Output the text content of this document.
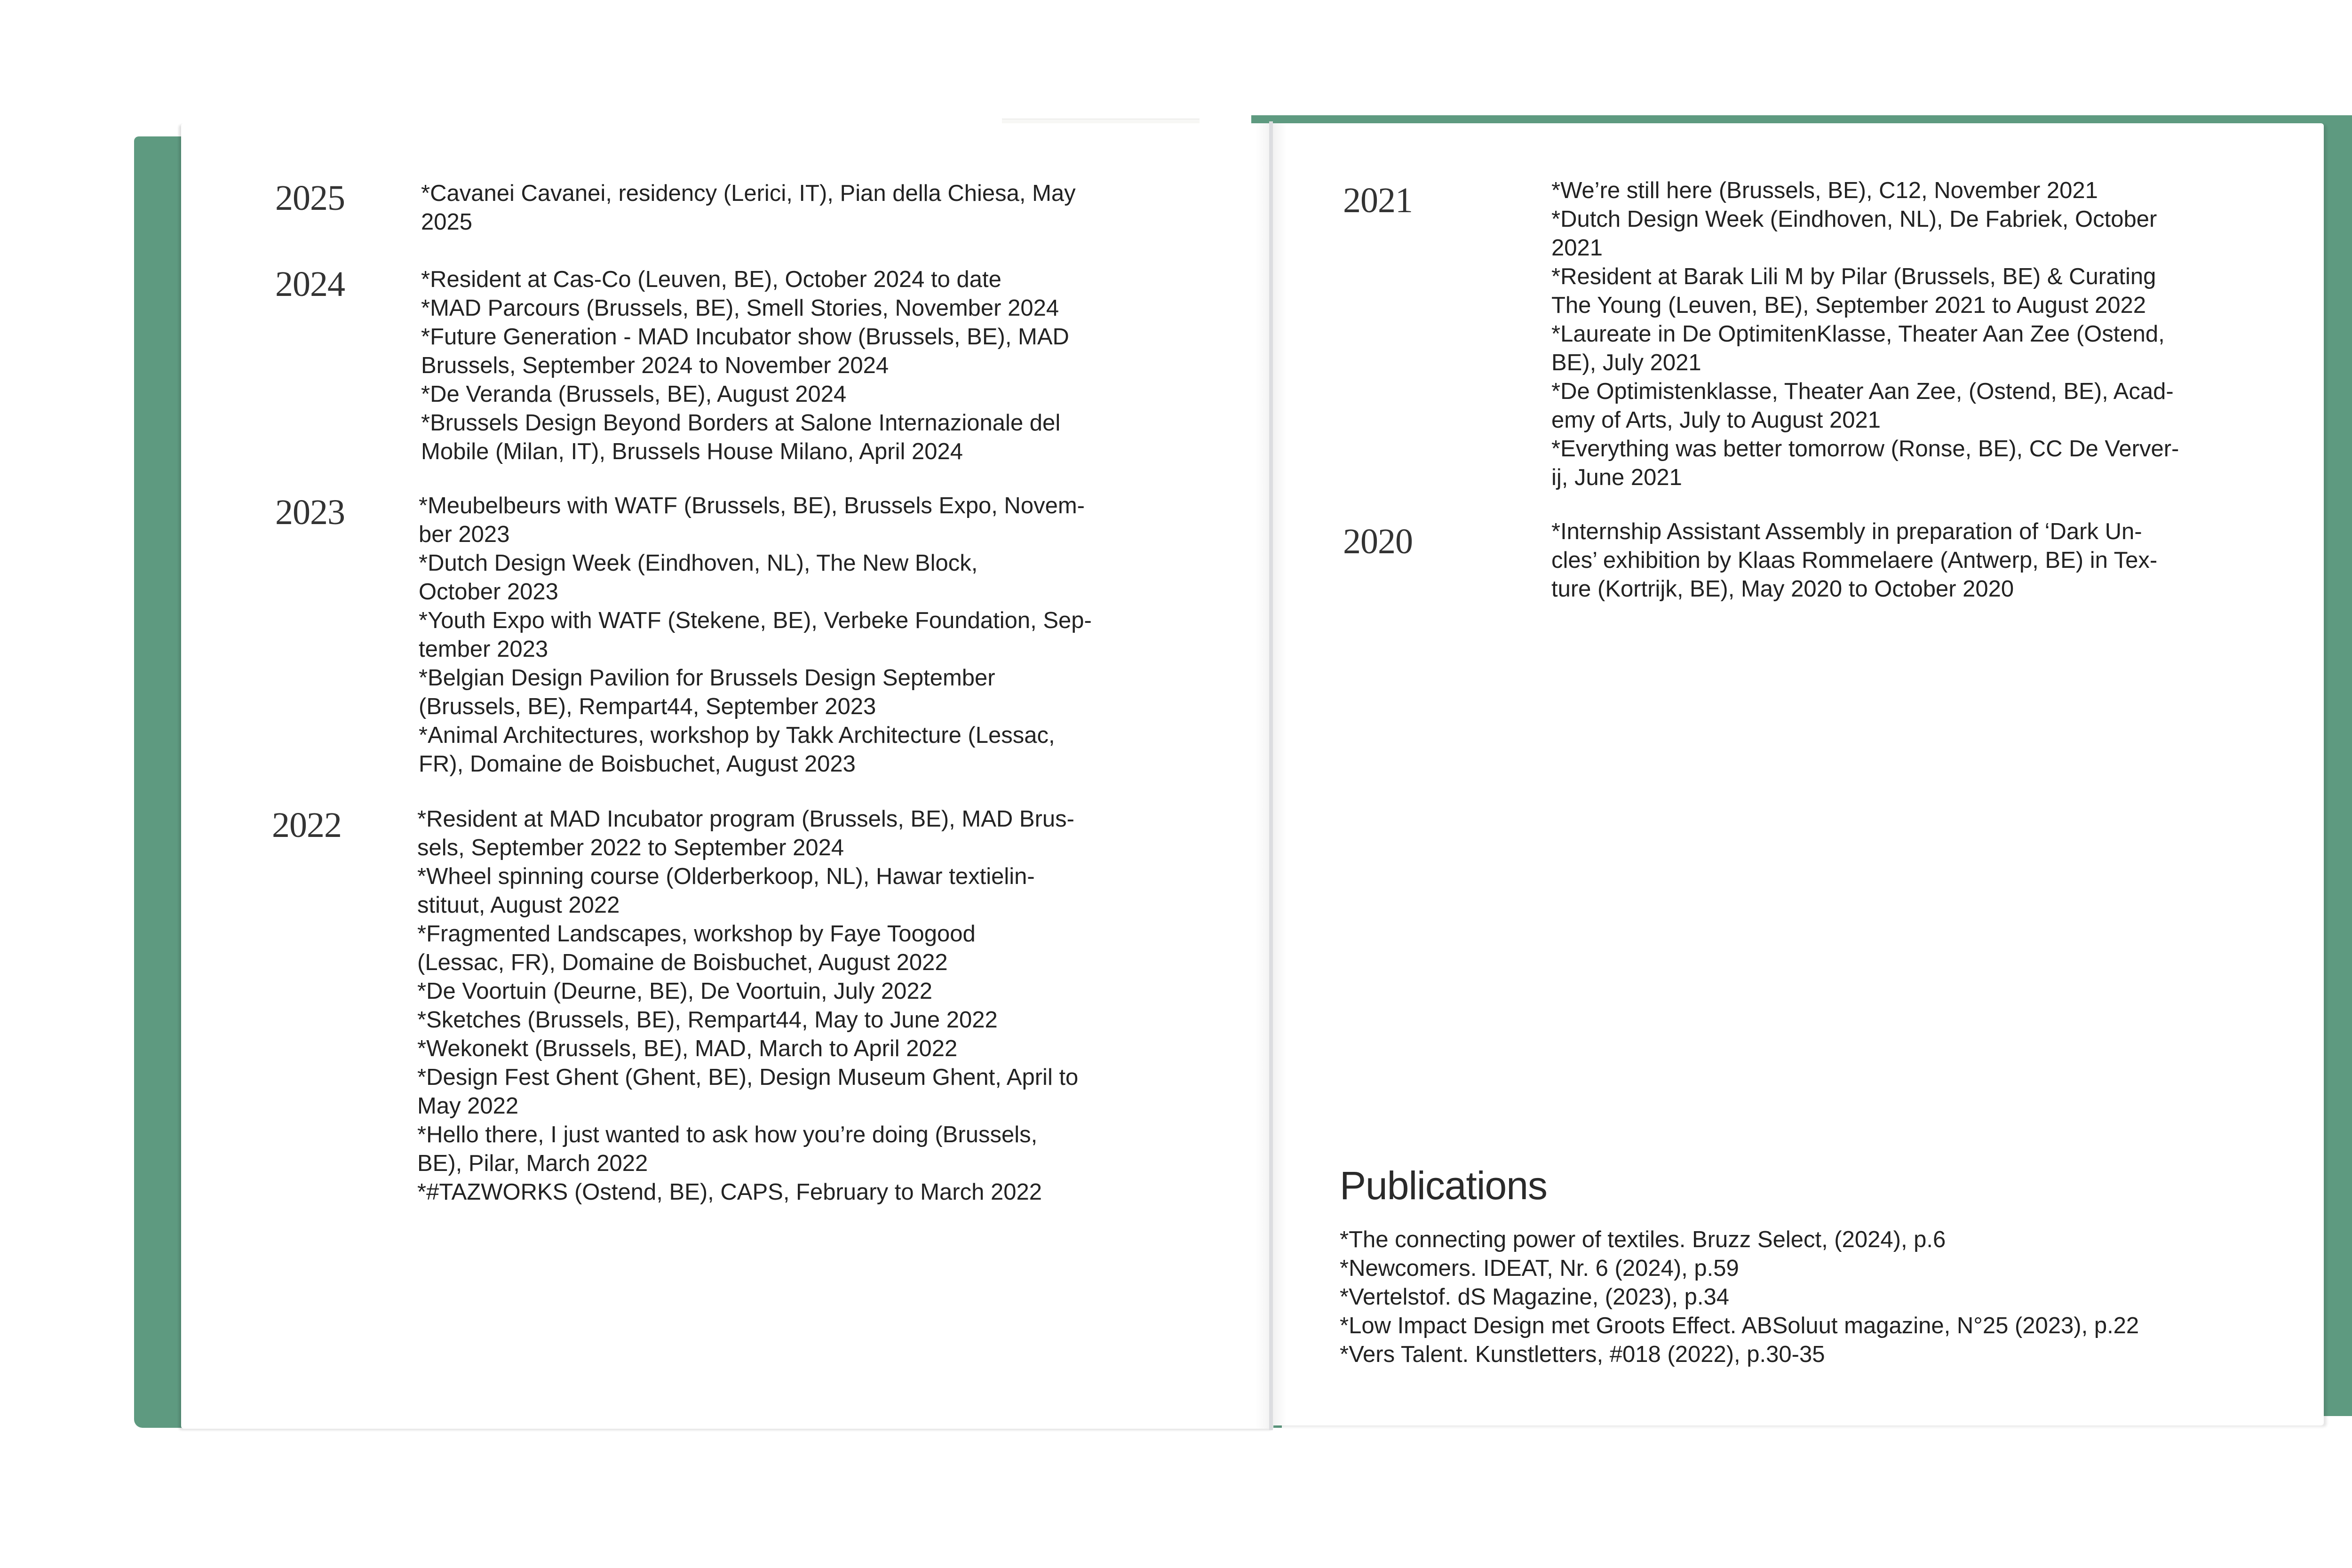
2025	*Cavanei Cavanei, residency (Lerici, IT), Pian della Chiesa, May
2025
2024	*Resident at Cas-Co (Leuven, BE), October 2024 to date
*MAD Parcours (Brussels, BE), Smell Stories, November 2024
*Future Generation - MAD Incubator show (Brussels, BE), MAD
Brussels, September 2024 to November 2024
*De Veranda (Brussels, BE), August 2024
*Brussels Design Beyond Borders at Salone Internazionale del
Mobile (Milan, IT), Brussels House Milano, April 2024
2023	*Meubelbeurs with WATF (Brussels, BE), Brussels Expo, Novem-
ber 2023
*Dutch Design Week (Eindhoven, NL), The New Block,
October 2023
*Youth Expo with WATF (Stekene, BE), Verbeke Foundation, Sep-
tember 2023
*Belgian Design Pavilion for Brussels Design September
(Brussels, BE), Rempart44, September 2023
*Animal Architectures, workshop by Takk Architecture (Lessac,
FR), Domaine de Boisbuchet, August 2023
2022	*Resident at MAD Incubator program (Brussels, BE), MAD Brus-
sels, September 2022 to September 2024
*Wheel spinning course (Olderberkoop, NL), Hawar textielin-
stituut, August 2022
*Fragmented Landscapes, workshop by Faye Toogood
(Lessac, FR), Domaine de Boisbuchet, August 2022
*De Voortuin (Deurne, BE), De Voortuin, July 2022
*Sketches (Brussels, BE), Rempart44, May to June 2022
*Wekonekt (Brussels, BE), MAD, March to April 2022
*Design Fest Ghent (Ghent, BE), Design Museum Ghent, April to
May 2022
*Hello there, I just wanted to ask how you’re doing (Brussels,
BE), Pilar, March 2022
*#TAZWORKS (Ostend, BE), CAPS, February to March 2022
2021	*We’re still here (Brussels, BE), C12, November 2021
*Dutch Design Week (Eindhoven, NL), De Fabriek, October
2021
*Resident at Barak Lili M by Pilar (Brussels, BE) & Curating
The Young (Leuven, BE), September 2021 to August 2022
*Laureate in De OptimitenKlasse, Theater Aan Zee (Ostend,
BE), July 2021
*De Optimistenklasse, Theater Aan Zee, (Ostend, BE), Acad-
emy of Arts, July to August 2021
*Everything was better tomorrow (Ronse, BE), CC De Verver-
ij, June 2021
2020	*Internship Assistant Assembly in preparation of ‘Dark Un-
cles’ exhibition by Klaas Rommelaere (Antwerp, BE) in Tex-
ture (Kortrijk, BE), May 2020 to October 2020
Publications
*The connecting power of textiles. Bruzz Select, (2024), p.6
*Newcomers. IDEAT, Nr. 6 (2024), p.59
*Vertelstof. dS Magazine, (2023), p.34
*Low Impact Design met Groots Effect. ABSoluut magazine, N°25 (2023), p.22
*Vers Talent. Kunstletters, #018 (2022), p.30-35
